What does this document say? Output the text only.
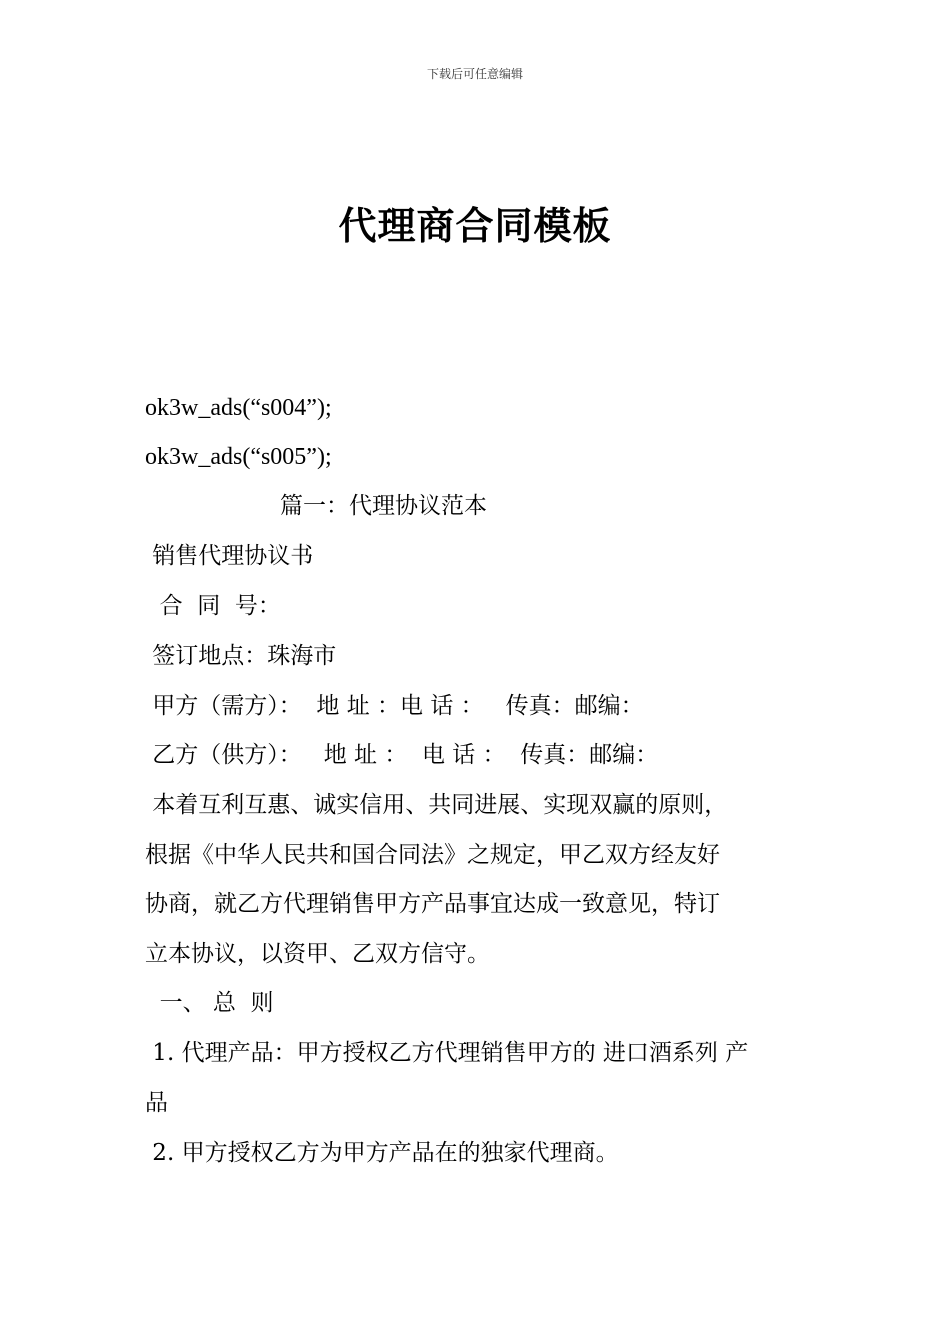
下载后可任意编辑
代理商合同模板
ok3w_ads(“s004”);
ok3w_ads(“s005”);
篇一：代理协议范本
销售代理协议书
合  同  号：
签订地点：珠海市
甲方（需方）：  地 址 ：电 话 ：   传真：邮编：
乙方（供方）：   地 址 ：  电 话 ：  传真：邮编：
本着互利互惠、诚实信用、共同进展、实现双赢的原则，
根据《中华人民共和国合同法》之规定，甲乙双方经友好
协商，就乙方代理销售甲方产品事宜达成一致意见，特订
立本协议，以资甲、乙双方信守。
一、 总  则
1. 代理产品：甲方授权乙方代理销售甲方的 进口酒系列 产
品
2. 甲方授权乙方为甲方产品在的独家代理商。
